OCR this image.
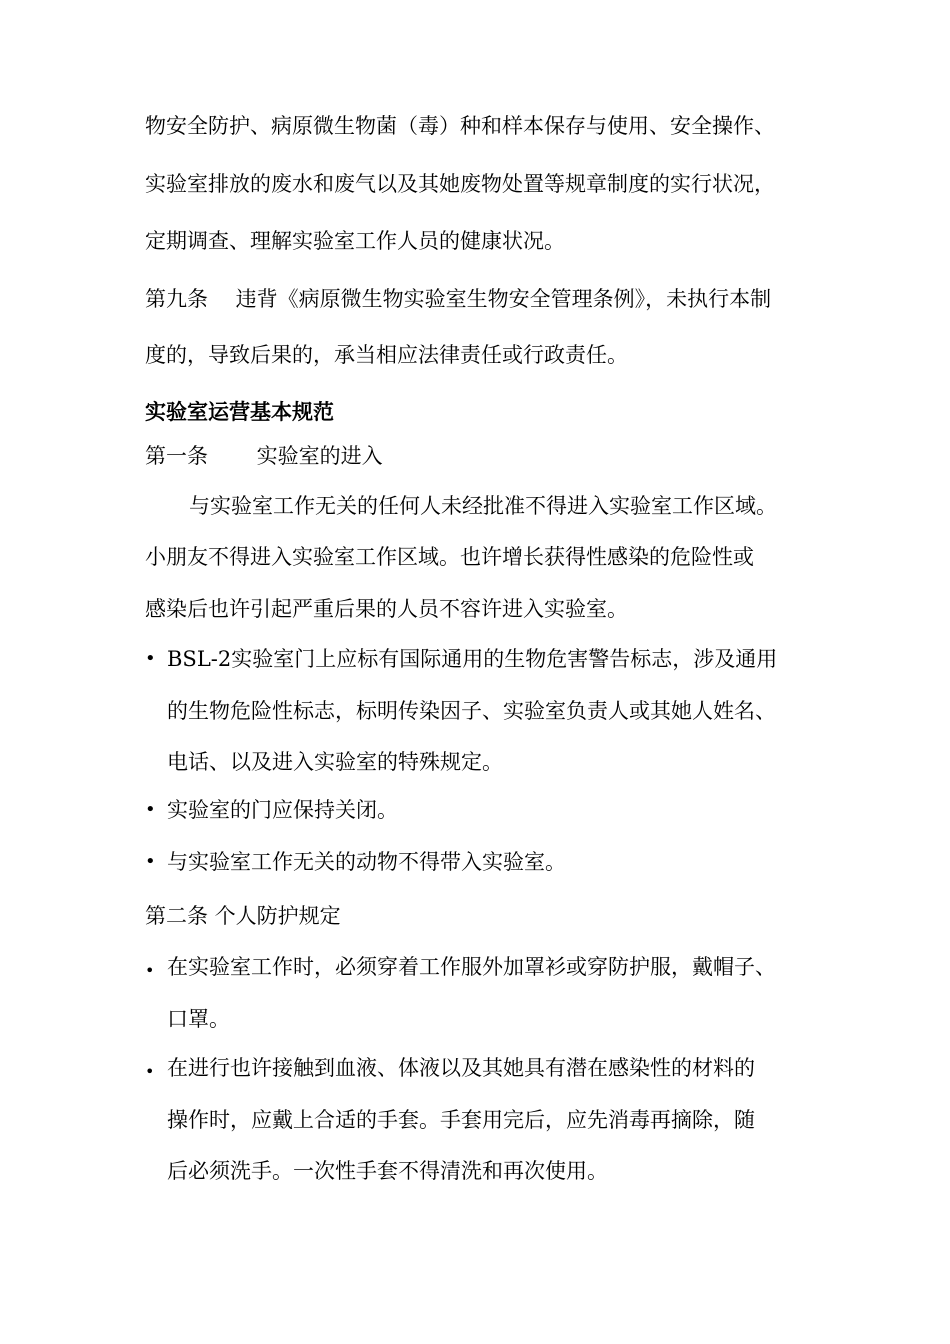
物安全防护、病原微生物菌（毒）种和样本保存与使用、安全操作、
实验室排放的废水和废气以及其她废物处置等规章制度的实行状况，
定期调查、理解实验室工作人员的健康状况。
第九条　 违背《病原微生物实验室生物安全管理条例》，未执行本制
度的，导致后果的，承当相应法律责任或行政责任。
实验室运营基本规范
第一条　　 实验室的进入
与实验室工作无关的任何人未经批准不得进入实验室工作区域。
小朋友不得进入实验室工作区域。也许增长获得性感染的危险性或
感染后也许引起严重后果的人员不容许进入实验室。
• BSL-2实验室门上应标有国际通用的生物危害警告标志，涉及通用
的生物危险性标志，标明传染因子、实验室负责人或其她人姓名、
电话、以及进入实验室的特殊规定。
• 实验室的门应保持关闭。
• 与实验室工作无关的动物不得带入实验室。
第二条 个人防护规定
• 在实验室工作时，必须穿着工作服外加罩衫或穿防护服，戴帽子、
口罩。
• 在进行也许接触到血液、体液以及其她具有潜在感染性的材料的
操作时，应戴上合适的手套。手套用完后，应先消毒再摘除，随
后必须洗手。一次性手套不得清洗和再次使用。
